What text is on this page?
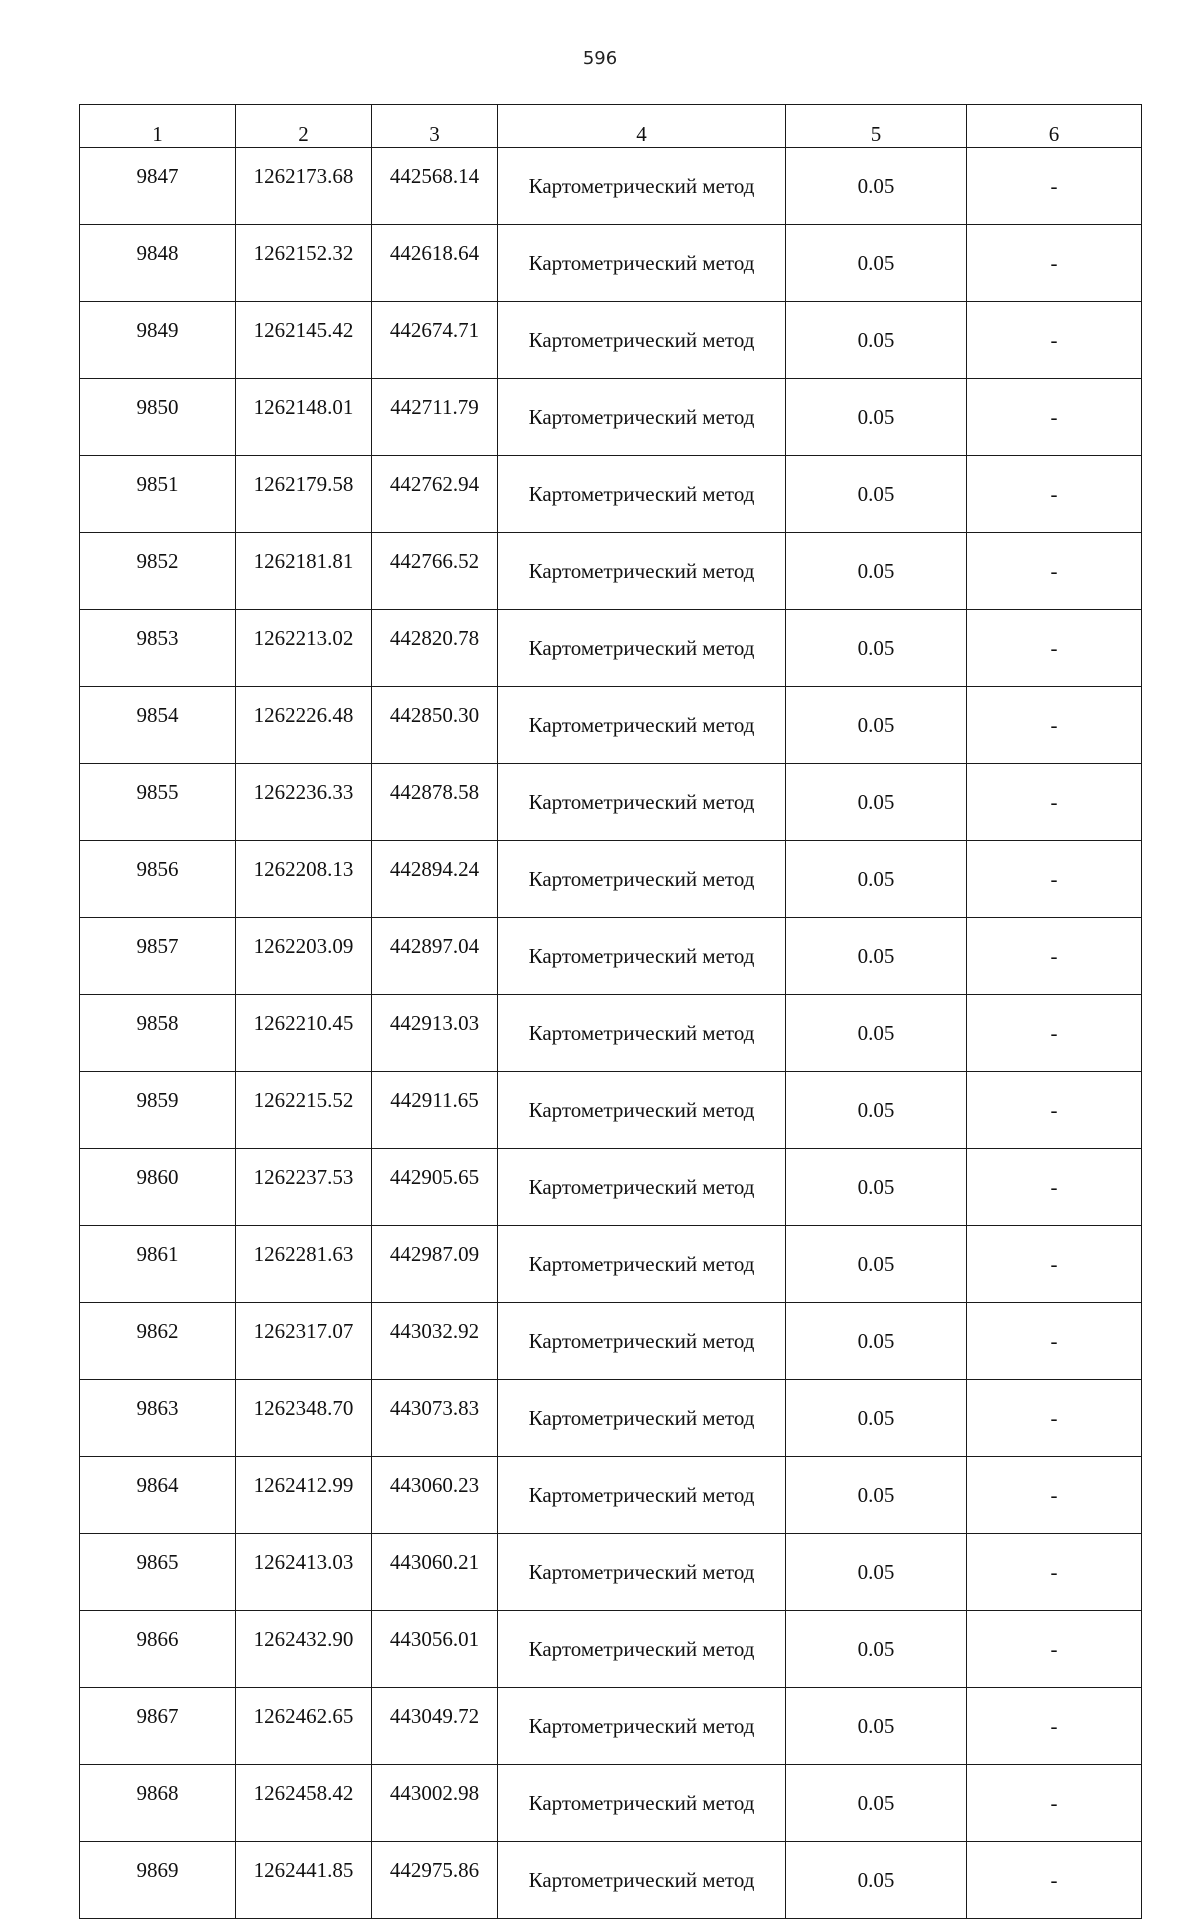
596
1	2	3	4	5	6
9847	1262173.68	442568.14	Картометрический метод	0.05	-
9848	1262152.32	442618.64	Картометрический метод	0.05	-
9849	1262145.42	442674.71	Картометрический метод	0.05	-
9850	1262148.01	442711.79	Картометрический метод	0.05	-
9851	1262179.58	442762.94	Картометрический метод	0.05	-
9852	1262181.81	442766.52	Картометрический метод	0.05	-
9853	1262213.02	442820.78	Картометрический метод	0.05	-
9854	1262226.48	442850.30	Картометрический метод	0.05	-
9855	1262236.33	442878.58	Картометрический метод	0.05	-
9856	1262208.13	442894.24	Картометрический метод	0.05	-
9857	1262203.09	442897.04	Картометрический метод	0.05	-
9858	1262210.45	442913.03	Картометрический метод	0.05	-
9859	1262215.52	442911.65	Картометрический метод	0.05	-
9860	1262237.53	442905.65	Картометрический метод	0.05	-
9861	1262281.63	442987.09	Картометрический метод	0.05	-
9862	1262317.07	443032.92	Картометрический метод	0.05	-
9863	1262348.70	443073.83	Картометрический метод	0.05	-
9864	1262412.99	443060.23	Картометрический метод	0.05	-
9865	1262413.03	443060.21	Картометрический метод	0.05	-
9866	1262432.90	443056.01	Картометрический метод	0.05	-
9867	1262462.65	443049.72	Картометрический метод	0.05	-
9868	1262458.42	443002.98	Картометрический метод	0.05	-
9869	1262441.85	442975.86	Картометрический метод	0.05	-
